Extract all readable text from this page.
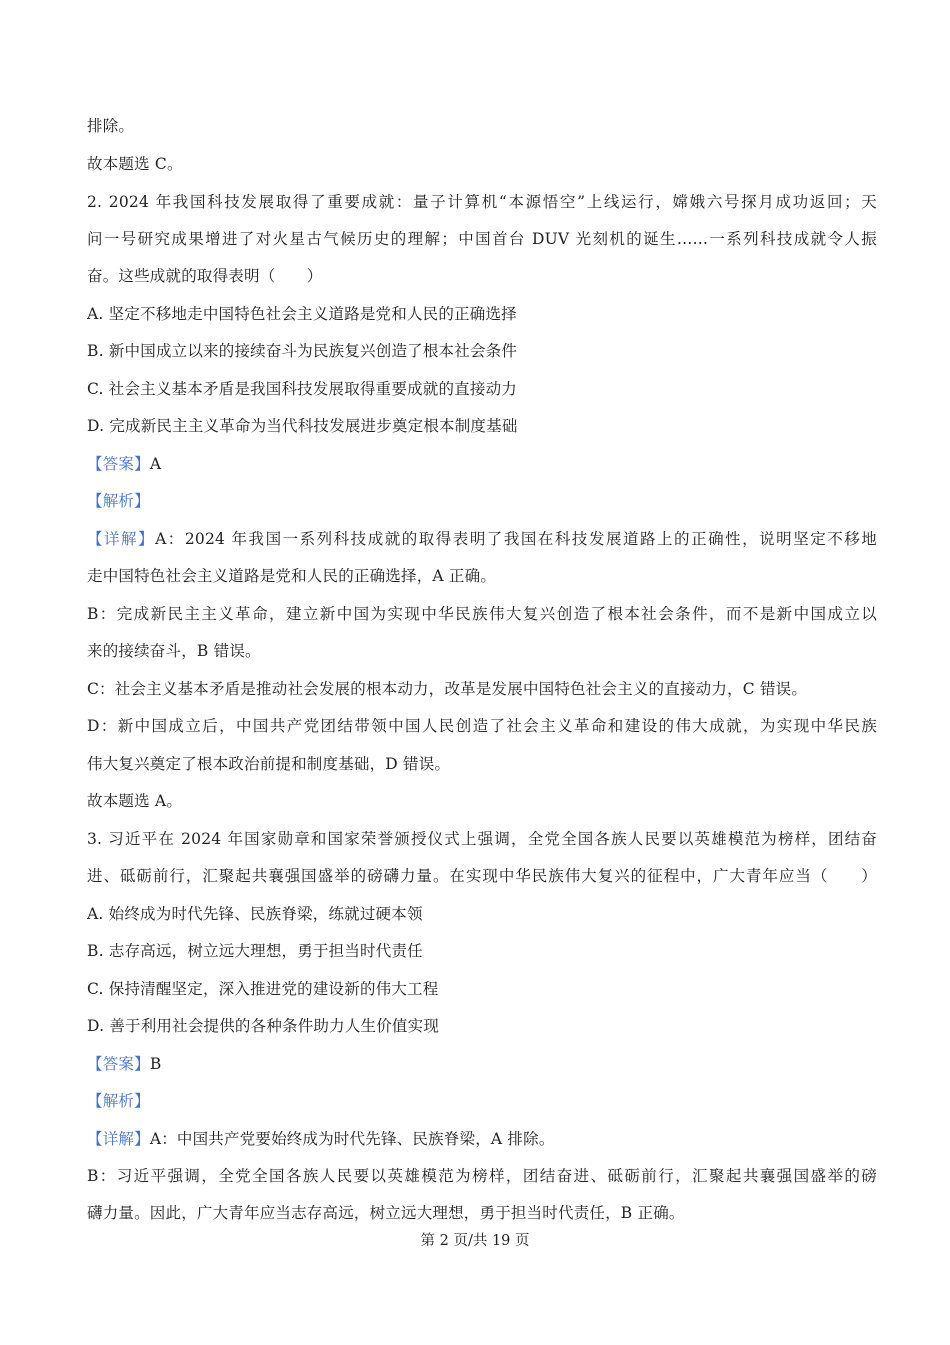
排除。
故本题选 C。
2. 2024 年我国科技发展取得了重要成就：量子计算机“本源悟空”上线运行，嫦娥六号探月成功返回；天
问一号研究成果增进了对火星古气候历史的理解；中国首台 DUV 光刻机的诞生……一系列科技成就令人振
奋。这些成就的取得表明（　　）
A. 坚定不移地走中国特色社会主义道路是党和人民的正确选择
B. 新中国成立以来的接续奋斗为民族复兴创造了根本社会条件
C. 社会主义基本矛盾是我国科技发展取得重要成就的直接动力
D. 完成新民主主义革命为当代科技发展进步奠定根本制度基础
【答案】A
【解析】
【详解】A：2024 年我国一系列科技成就的取得表明了我国在科技发展道路上的正确性，说明坚定不移地
走中国特色社会主义道路是党和人民的正确选择，A 正确。
B：完成新民主主义革命，建立新中国为实现中华民族伟大复兴创造了根本社会条件，而不是新中国成立以
来的接续奋斗，B 错误。
C：社会主义基本矛盾是推动社会发展的根本动力，改革是发展中国特色社会主义的直接动力，C 错误。
D：新中国成立后，中国共产党团结带领中国人民创造了社会主义革命和建设的伟大成就，为实现中华民族
伟大复兴奠定了根本政治前提和制度基础，D 错误。
故本题选 A。
3. 习近平在 2024 年国家勋章和国家荣誉颁授仪式上强调，全党全国各族人民要以英雄模范为榜样，团结奋
进、砥砺前行，汇聚起共襄强国盛举的磅礴力量。在实现中华民族伟大复兴的征程中，广大青年应当（　　）
A. 始终成为时代先锋、民族脊梁，练就过硬本领
B. 志存高远，树立远大理想，勇于担当时代责任
C. 保持清醒坚定，深入推进党的建设新的伟大工程
D. 善于利用社会提供的各种条件助力人生价值实现
【答案】B
【解析】
【详解】A：中国共产党要始终成为时代先锋、民族脊梁，A 排除。
B：习近平强调，全党全国各族人民要以英雄模范为榜样，团结奋进、砥砺前行，汇聚起共襄强国盛举的磅
礴力量。因此，广大青年应当志存高远，树立远大理想，勇于担当时代责任，B 正确。
第 2 页/共 19 页
